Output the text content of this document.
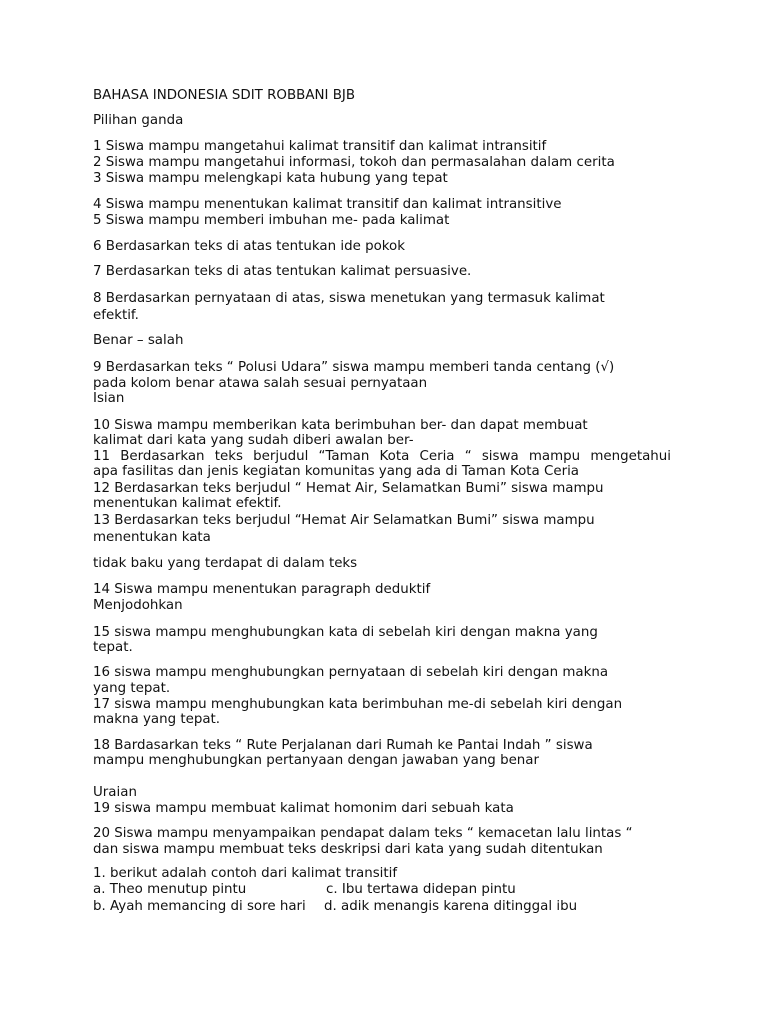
BAHASA INDONESIA SDIT ROBBANI BJB
Pilihan ganda
1 Siswa mampu mangetahui kalimat transitif dan kalimat intransitif
2 Siswa mampu mangetahui informasi, tokoh dan permasalahan dalam cerita
3 Siswa mampu melengkapi kata hubung yang tepat
4 Siswa mampu menentukan kalimat transitif dan kalimat intransitive
5 Siswa mampu memberi imbuhan me- pada kalimat
6 Berdasarkan teks di atas tentukan ide pokok
7 Berdasarkan teks di atas tentukan kalimat persuasive.
8 Berdasarkan pernyataan di atas, siswa menetukan yang termasuk kalimat
efektif.
Benar – salah
9 Berdasarkan teks “ Polusi Udara” siswa mampu memberi tanda centang (√)
pada kolom benar atawa salah sesuai pernyataan
Isian
10 Siswa mampu memberikan kata berimbuhan ber- dan dapat membuat
kalimat dari kata yang sudah diberi awalan ber-
11 Berdasarkan teks berjudul “Taman Kota Ceria “ siswa mampu mengetahui
apa fasilitas dan jenis kegiatan komunitas yang ada di Taman Kota Ceria
12 Berdasarkan teks berjudul “ Hemat Air, Selamatkan Bumi” siswa mampu
menentukan kalimat efektif.
13 Berdasarkan teks berjudul “Hemat Air Selamatkan Bumi” siswa mampu
menentukan kata
tidak baku yang terdapat di dalam teks
14 Siswa mampu menentukan paragraph deduktif
Menjodohkan
15 siswa mampu menghubungkan kata di sebelah kiri dengan makna yang
tepat.
16 siswa mampu menghubungkan pernyataan di sebelah kiri dengan makna
yang tepat.
17 siswa mampu menghubungkan kata berimbuhan me-di sebelah kiri dengan
makna yang tepat.
18 Bardasarkan teks “ Rute Perjalanan dari Rumah ke Pantai Indah ” siswa
mampu menghubungkan pertanyaan dengan jawaban yang benar
Uraian
19 siswa mampu membuat kalimat homonim dari sebuah kata
20 Siswa mampu menyampaikan pendapat dalam teks “ kemacetan lalu lintas “
dan siswa mampu membuat teks deskripsi dari kata yang sudah ditentukan
1. berikut adalah contoh dari kalimat transitif
a. Theo menutup pintu	c. Ibu tertawa didepan pintu
b. Ayah memancing di sore hari d. adik menangis karena ditinggal ibu
